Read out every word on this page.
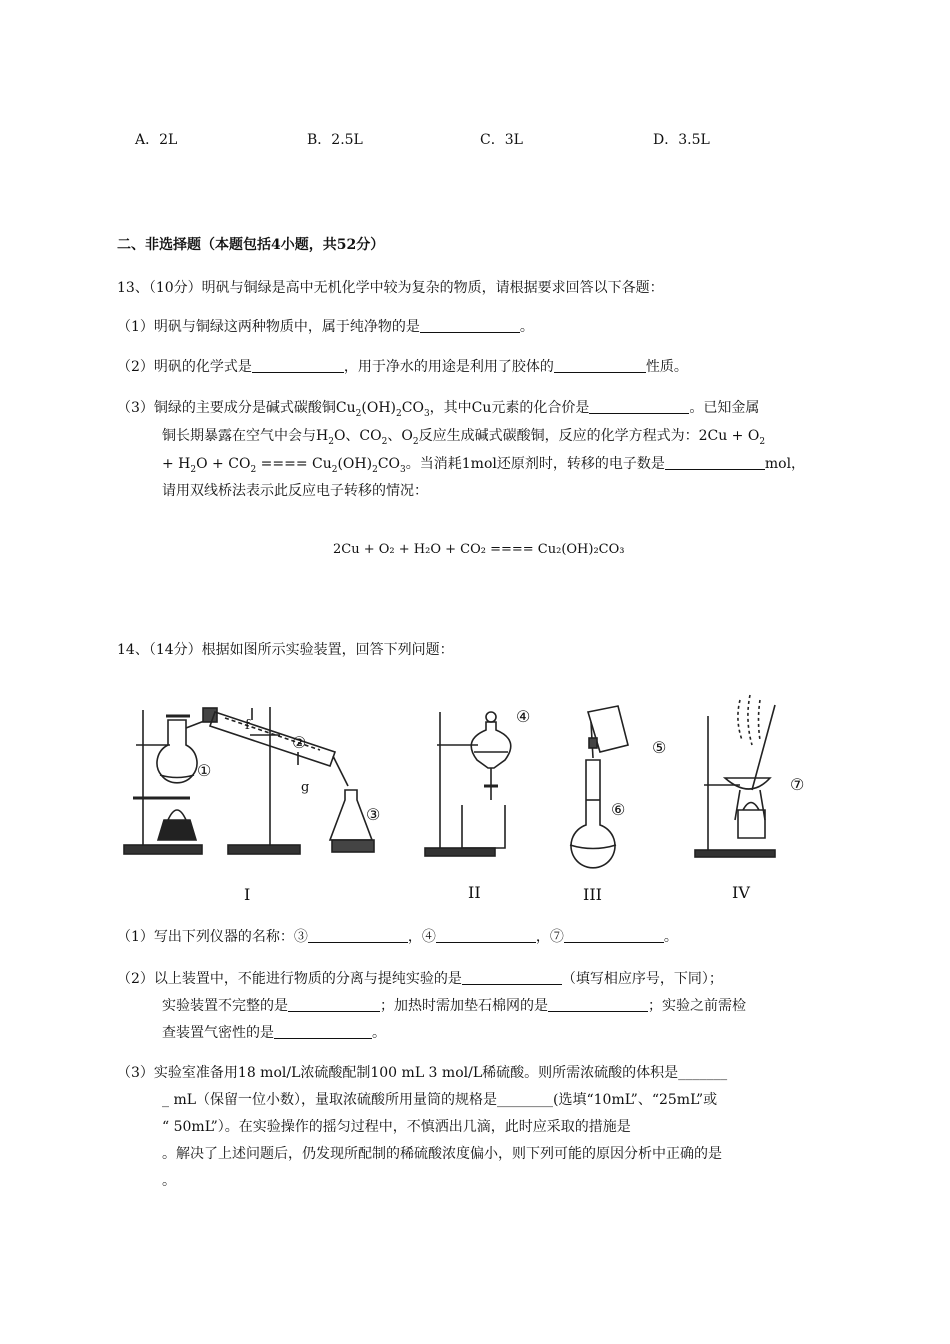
A．2L	B．2.5L	C．3L	D．3.5L
二、非选择题（本题包括4小题，共52分）
13、（10分）明矾与铜绿是高中无机化学中较为复杂的物质，请根据要求回答以下各题：
（1）明矾与铜绿这两种物质中，属于纯净物的是	。
（2）明矾的化学式是	，用于净水的用途是利用了胶体的	性质。
（3）铜绿的主要成分是碱式碳酸铜$Cu_2(OH)_2CO_3$，其中Cu元素的化合价是	。已知金属
铜长期暴露在空气中会与$H_2O$、$CO_2$、$O_2$反应生成碱式碳酸铜，反应的化学方程式为：$2Cu + O_2$
+ $H_2O + CO_2$ ==== $Cu_2(OH)_2CO_3$。当消耗1mol还原剂时，转移的电子数是	mol，
请用双线桥法表示此反应电子转移的情况：
2Cu + O₂ + H₂O + CO₂ ==== Cu₂(OH)₂CO₃
14、（14分）根据如图所示实验装置，回答下列问题：
①
②
③
④
⑤
⑥
⑦
f
g
I	II	III	IV
（1）写出下列仪器的名称：③	，④	，⑦	。
（2）以上装置中，不能进行物质的分离与提纯实验的是	（填写相应序号，下同）；
实验装置不完整的是	；加热时需加垫石棉网的是	；实验之前需检
查装置气密性的是	。
（3）实验室准备用18 mol/L浓硫酸配制100 mL 3 mol/L稀硫酸。则所需浓硫酸的体积是_______
_ mL（保留一位小数），量取浓硫酸所用量筒的规格是________(选填“10mL”、“25mL”或
“ 50mL”）。在实验操作的摇匀过程中，不慎洒出几滴，此时应采取的措施是
。解决了上述问题后，仍发现所配制的稀硫酸浓度偏小，则下列可能的原因分析中正确的是
。
